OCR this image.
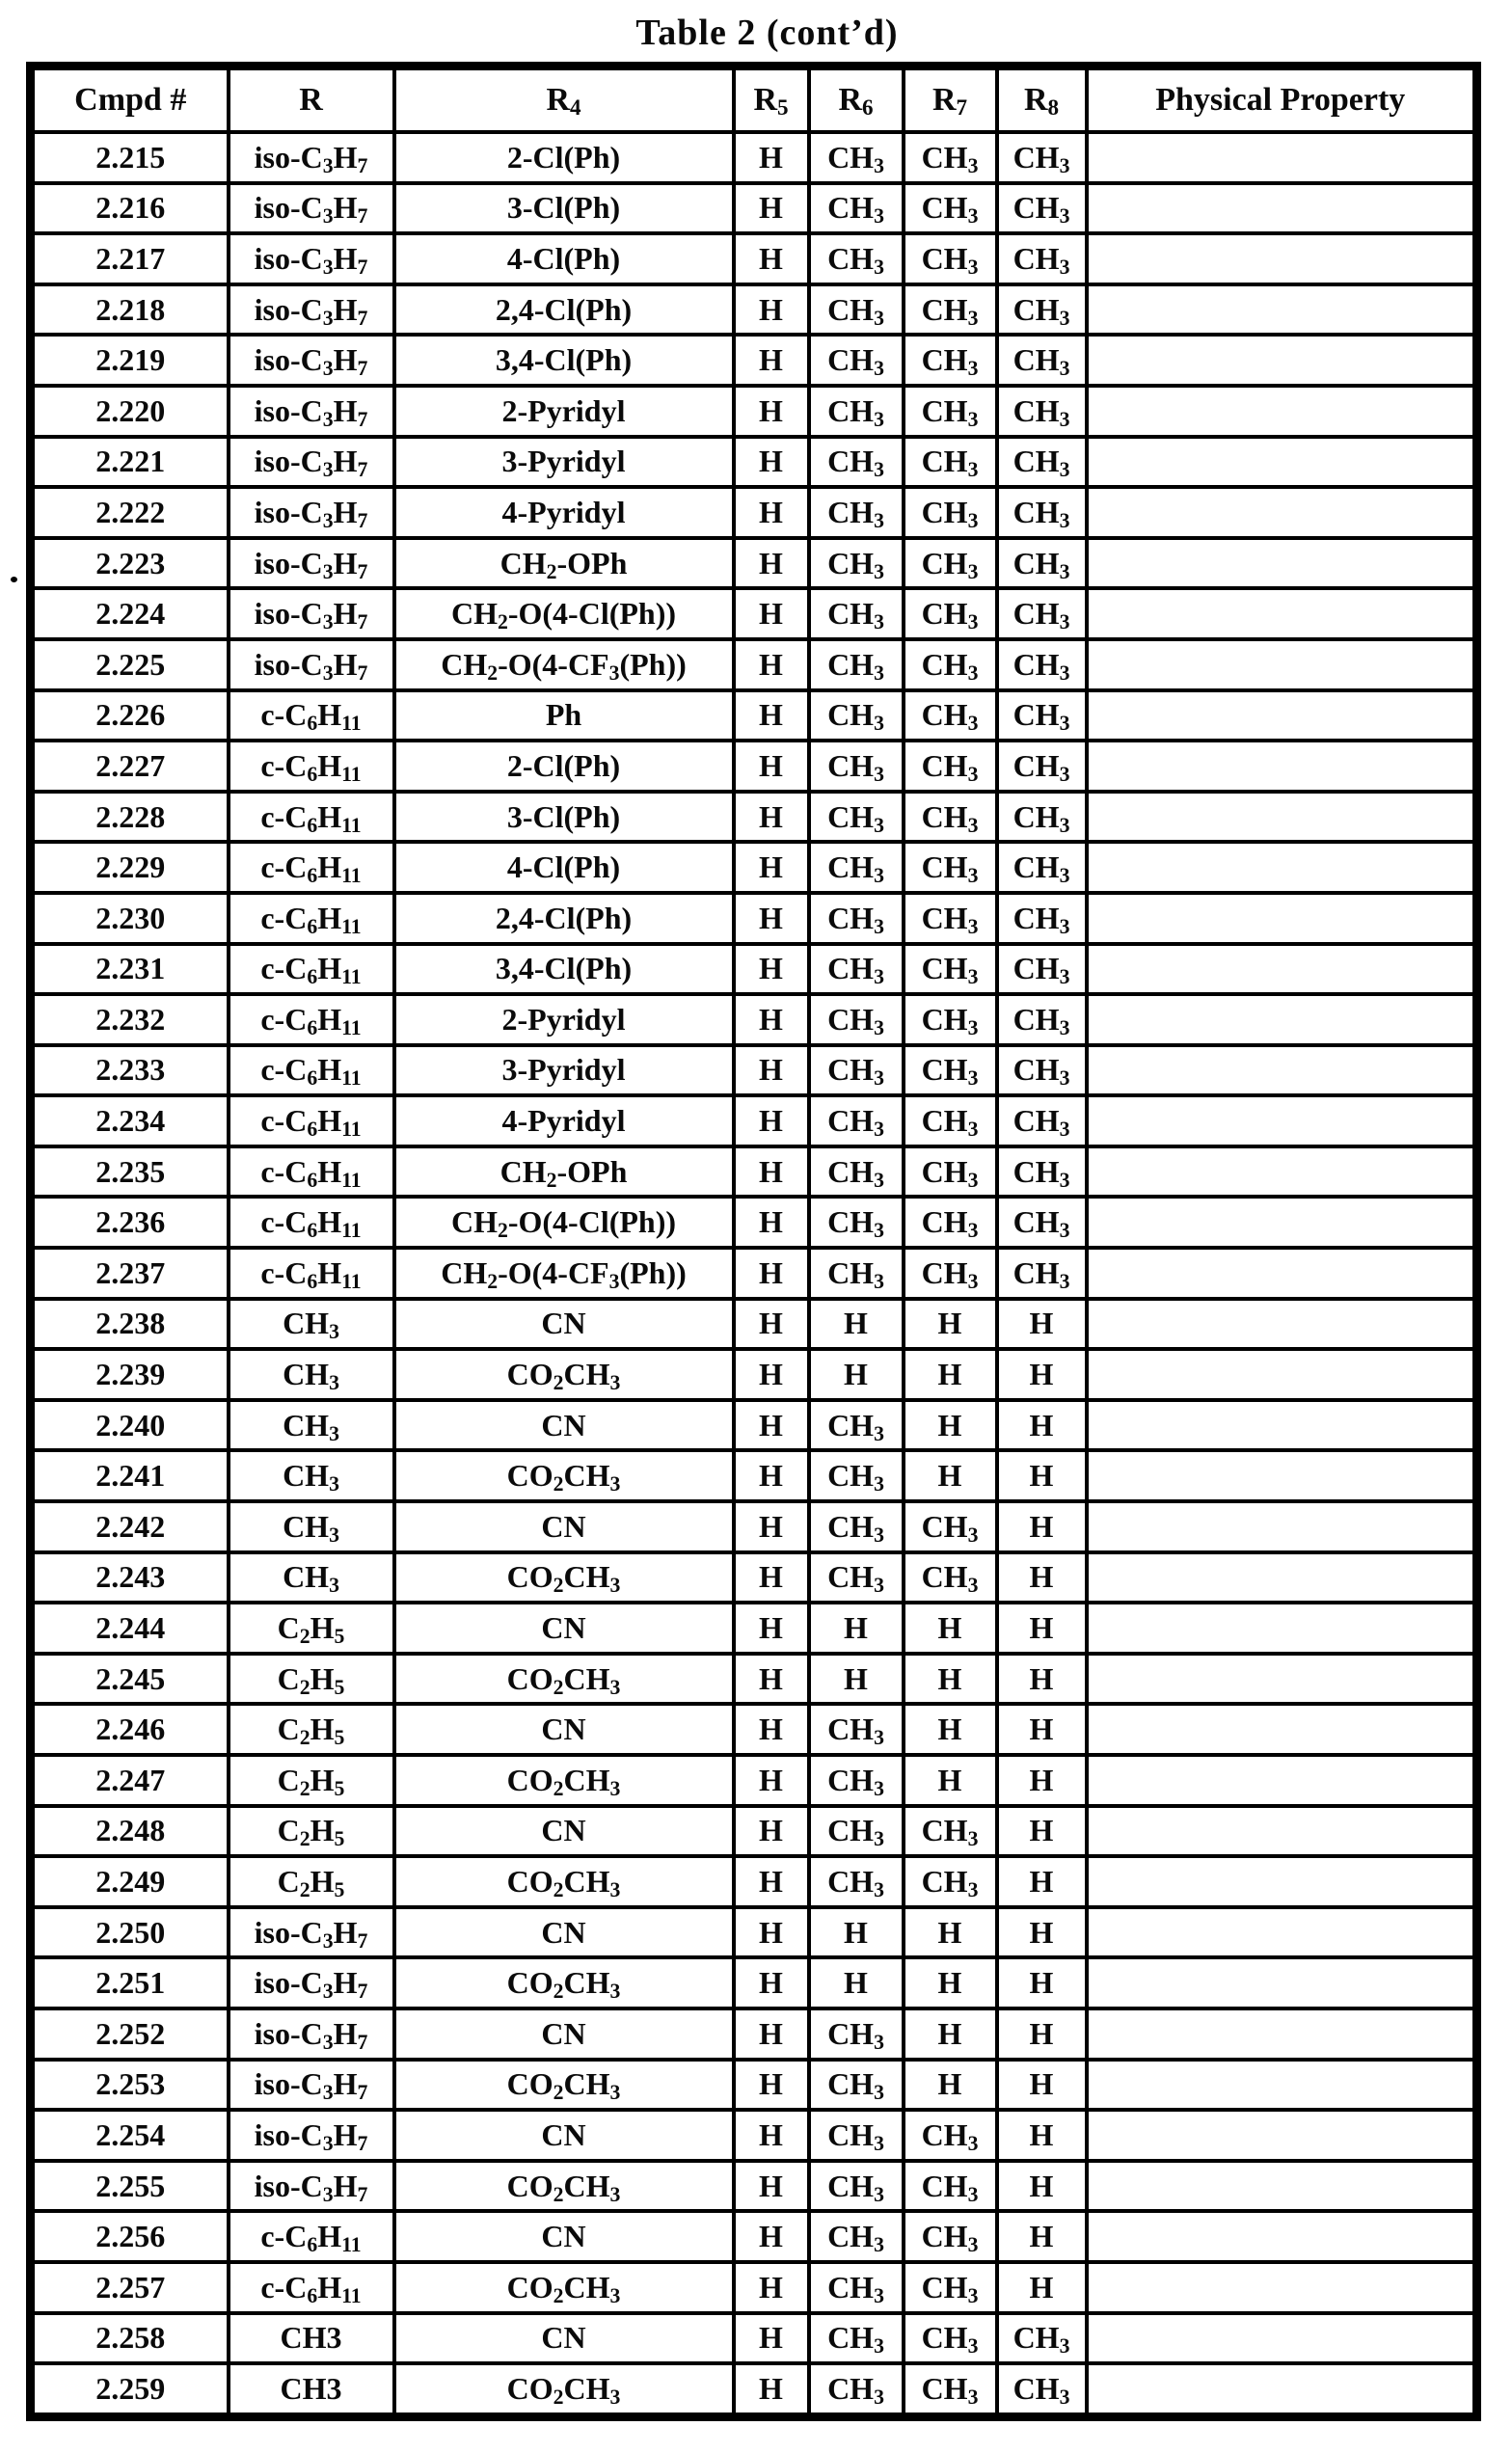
Table 2 (cont’d)
Cmpd #	R	$R_4$	$R_5$	$R_6$	$R_7$	$R_8$	Physical Property
2.215	iso-$C_3H_7$	2-Cl(Ph)	H	$CH_3$	$CH_3$	$CH_3$	
2.216	iso-$C_3H_7$	3-Cl(Ph)	H	$CH_3$	$CH_3$	$CH_3$	
2.217	iso-$C_3H_7$	4-Cl(Ph)	H	$CH_3$	$CH_3$	$CH_3$	
2.218	iso-$C_3H_7$	2,4-Cl(Ph)	H	$CH_3$	$CH_3$	$CH_3$	
2.219	iso-$C_3H_7$	3,4-Cl(Ph)	H	$CH_3$	$CH_3$	$CH_3$	
2.220	iso-$C_3H_7$	2-Pyridyl	H	$CH_3$	$CH_3$	$CH_3$	
2.221	iso-$C_3H_7$	3-Pyridyl	H	$CH_3$	$CH_3$	$CH_3$	
2.222	iso-$C_3H_7$	4-Pyridyl	H	$CH_3$	$CH_3$	$CH_3$	
2.223	iso-$C_3H_7$	$CH_2$-OPh	H	$CH_3$	$CH_3$	$CH_3$	
2.224	iso-$C_3H_7$	$CH_2-O(4-Cl(Ph))$	H	$CH_3$	$CH_3$	$CH_3$	
2.225	iso-$C_3H_7$	$CH_2-O(4-CF_3(Ph))$	H	$CH_3$	$CH_3$	$CH_3$	
2.226	$c-C_6H_{11}$	Ph	H	$CH_3$	$CH_3$	$CH_3$	
2.227	$c-C_6H_{11}$	2-Cl(Ph)	H	$CH_3$	$CH_3$	$CH_3$	
2.228	$c-C_6H_{11}$	3-Cl(Ph)	H	$CH_3$	$CH_3$	$CH_3$	
2.229	$c-C_6H_{11}$	4-Cl(Ph)	H	$CH_3$	$CH_3$	$CH_3$	
2.230	$c-C_6H_{11}$	2,4-Cl(Ph)	H	$CH_3$	$CH_3$	$CH_3$	
2.231	$c-C_6H_{11}$	3,4-Cl(Ph)	H	$CH_3$	$CH_3$	$CH_3$	
2.232	$c-C_6H_{11}$	2-Pyridyl	H	$CH_3$	$CH_3$	$CH_3$	
2.233	$c-C_6H_{11}$	3-Pyridyl	H	$CH_3$	$CH_3$	$CH_3$	
2.234	$c-C_6H_{11}$	4-Pyridyl	H	$CH_3$	$CH_3$	$CH_3$	
2.235	$c-C_6H_{11}$	$CH_2$-OPh	H	$CH_3$	$CH_3$	$CH_3$	
2.236	$c-C_6H_{11}$	$CH_2-O(4-Cl(Ph))$	H	$CH_3$	$CH_3$	$CH_3$	
2.237	$c-C_6H_{11}$	$CH_2-O(4-CF_3(Ph))$	H	$CH_3$	$CH_3$	$CH_3$	
2.238	$CH_3$	CN	H	H	H	H	
2.239	$CH_3$	$CO_2CH_3$	H	H	H	H	
2.240	$CH_3$	CN	H	$CH_3$	H	H	
2.241	$CH_3$	$CO_2CH_3$	H	$CH_3$	H	H	
2.242	$CH_3$	CN	H	$CH_3$	$CH_3$	H	
2.243	$CH_3$	$CO_2CH_3$	H	$CH_3$	$CH_3$	H	
2.244	$C_2H_5$	CN	H	H	H	H	
2.245	$C_2H_5$	$CO_2CH_3$	H	H	H	H	
2.246	$C_2H_5$	CN	H	$CH_3$	H	H	
2.247	$C_2H_5$	$CO_2CH_3$	H	$CH_3$	H	H	
2.248	$C_2H_5$	CN	H	$CH_3$	$CH_3$	H	
2.249	$C_2H_5$	$CO_2CH_3$	H	$CH_3$	$CH_3$	H	
2.250	iso-$C_3H_7$	CN	H	H	H	H	
2.251	iso-$C_3H_7$	$CO_2CH_3$	H	H	H	H	
2.252	iso-$C_3H_7$	CN	H	$CH_3$	H	H	
2.253	iso-$C_3H_7$	$CO_2CH_3$	H	$CH_3$	H	H	
2.254	iso-$C_3H_7$	CN	H	$CH_3$	$CH_3$	H	
2.255	iso-$C_3H_7$	$CO_2CH_3$	H	$CH_3$	$CH_3$	H	
2.256	$c-C_6H_{11}$	CN	H	$CH_3$	$CH_3$	H	
2.257	$c-C_6H_{11}$	$CO_2CH_3$	H	$CH_3$	$CH_3$	H	
2.258	CH3	CN	H	$CH_3$	$CH_3$	$CH_3$	
2.259	CH3	$CO_2CH_3$	H	$CH_3$	$CH_3$	$CH_3$	
